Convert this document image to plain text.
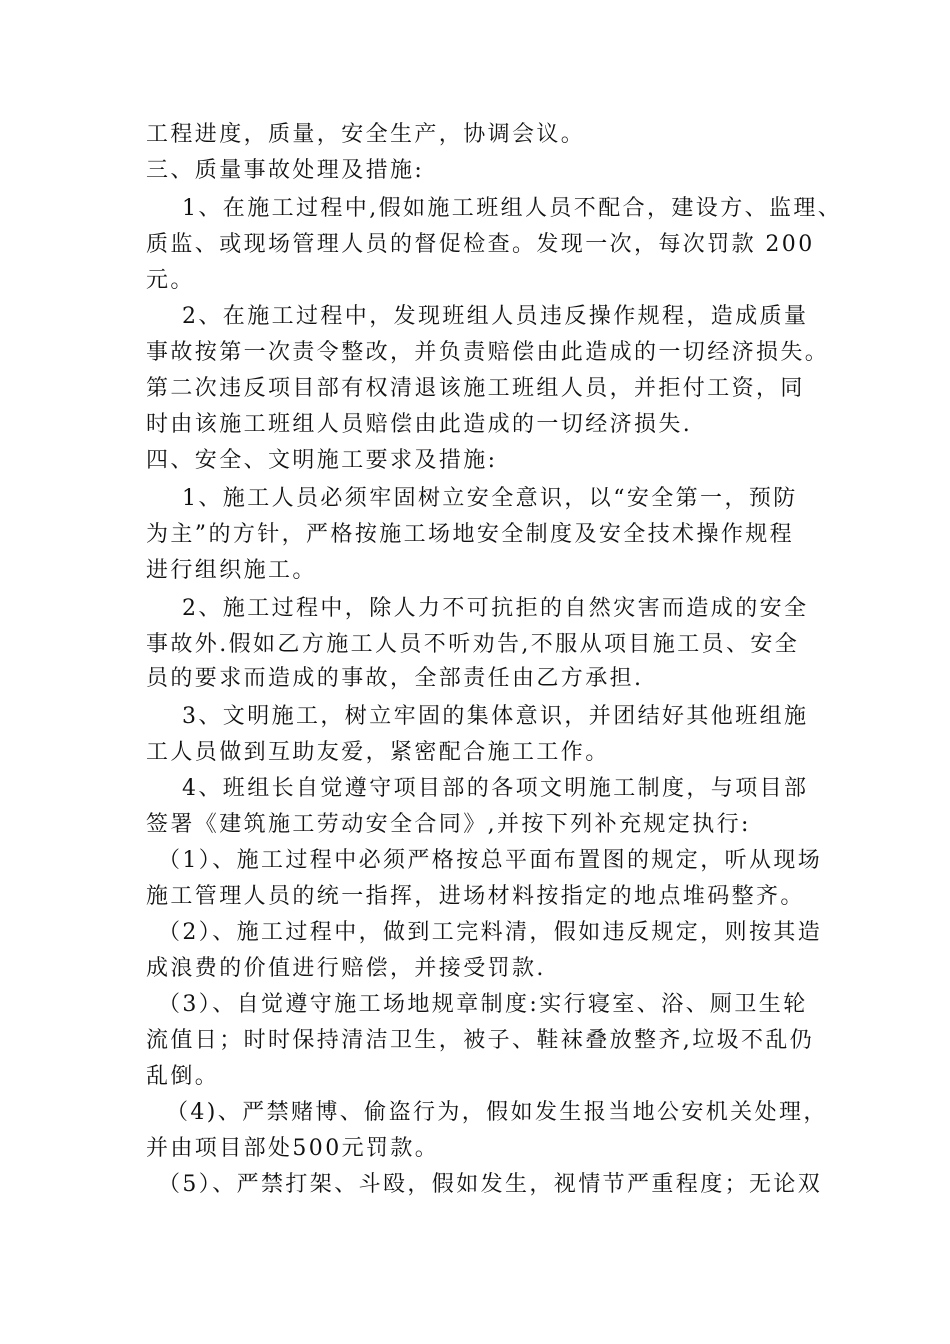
工程进度，质量，安全生产，协调会议。
三、质量事故处理及措施:
1、在施工过程中,假如施工班组人员不配合，建设方、监理、
质监、或现场管理人员的督促检查。发现一次，每次罚款 200
元。
2、在施工过程中，发现班组人员违反操作规程，造成质量
事故按第一次责令整改，并负责赔偿由此造成的一切经济损失。
第二次违反项目部有权清退该施工班组人员，并拒付工资，同
时由该施工班组人员赔偿由此造成的一切经济损失.
四、安全、文明施工要求及措施:
1、施工人员必须牢固树立安全意识，以“安全第一，预防
为主”的方针，严格按施工场地安全制度及安全技术操作规程
进行组织施工。
2、施工过程中，除人力不可抗拒的自然灾害而造成的安全
事故外.假如乙方施工人员不听劝告,不服从项目施工员、安全
员的要求而造成的事故，全部责任由乙方承担.
3、文明施工，树立牢固的集体意识，并团结好其他班组施
工人员做到互助友爱，紧密配合施工工作。
4、班组长自觉遵守项目部的各项文明施工制度，与项目部
签署《建筑施工劳动安全合同》,并按下列补充规定执行:
（1）、施工过程中必须严格按总平面布置图的规定，听从现场
施工管理人员的统一指挥，进场材料按指定的地点堆码整齐。
（2）、施工过程中，做到工完料清，假如违反规定，则按其造
成浪费的价值进行赔偿，并接受罚款.
（3）、自觉遵守施工场地规章制度:实行寝室、浴、厕卫生轮
流值日；时时保持清洁卫生，被子、鞋袜叠放整齐,垃圾不乱仍
乱倒。
（4)、严禁赌博、偷盗行为，假如发生报当地公安机关处理，
并由项目部处500元罚款。
（5）、严禁打架、斗殴，假如发生，视情节严重程度；无论双
